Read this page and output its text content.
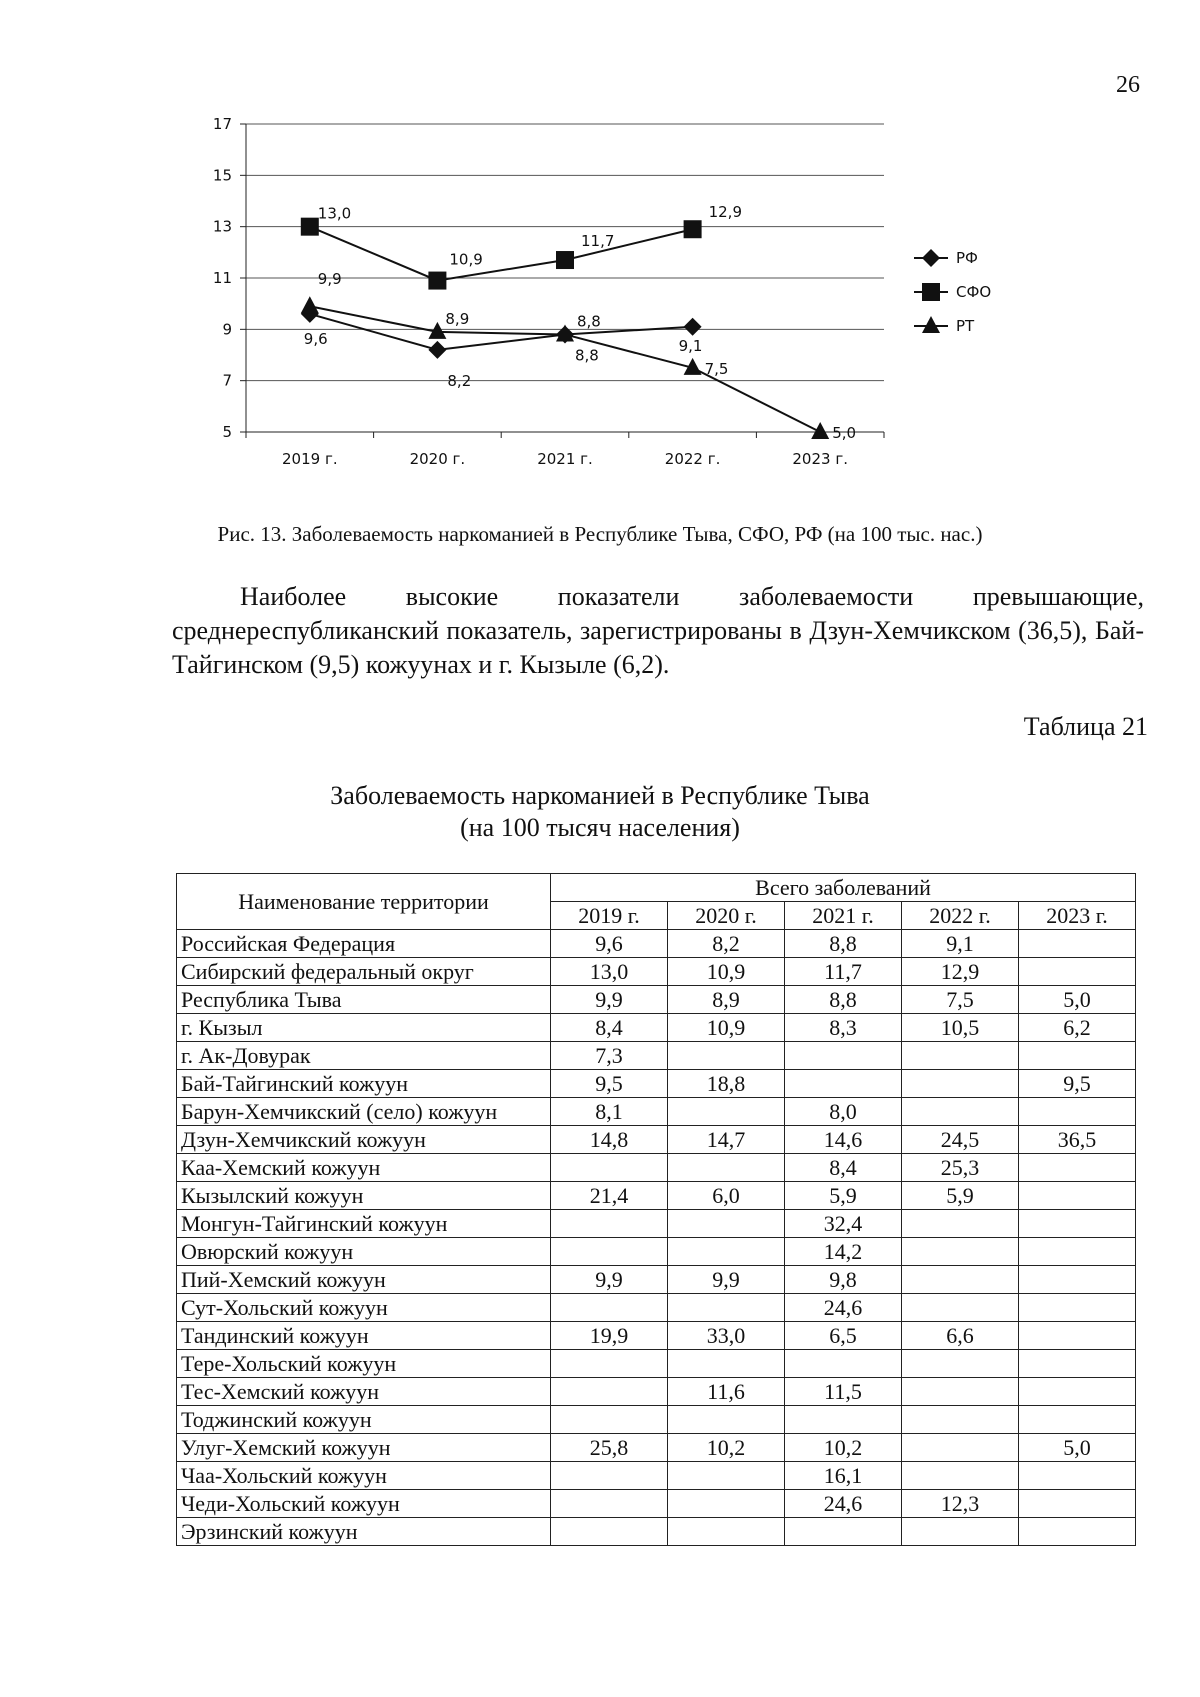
26
5
7
9
11
13
15
17
2019 г.	2020 г.	2021 г.	2022 г.	2023 г.
9,6
8,2
8,8
9,1
13,0
10,9
11,7
12,9
9,9
8,9	8,8
7,5
5,0
РФ
СФО
РТ
Рис. 13. Заболеваемость наркоманией в Республике Тыва, СФО, РФ (на 100 тыс. нас.)

Наиболее высокие показатели заболеваемости превышающие, среднереспубликанский показатель, зарегистрированы в Дзун-Хемчикском (36,5), Бай-Тайгинском (9,5) кожуунах и г. Кызыле (6,2).

Таблица 21
Заболеваемость наркоманией в Республике Тыва
(на 100 тысяч населения)
Наименование территории	Всего заболеваний				
	2019 г.	2020 г.	2021 г.	2022 г.	2023 г.
Российская Федерация	9,6	8,2	8,8	9,1	
Сибирский федеральный округ	13,0	10,9	11,7	12,9	
Республика Тыва	9,9	8,9	8,8	7,5	5,0
г. Кызыл	8,4	10,9	8,3	10,5	6,2
г. Ак-Довурак	7,3				
Бай-Тайгинский кожуун	9,5	18,8			9,5
Барун-Хемчикский (село) кожуун	8,1		8,0		
Дзун-Хемчикский кожуун	14,8	14,7	14,6	24,5	36,5
Каа-Хемский кожуун			8,4	25,3	
Кызылский кожуун	21,4	6,0	5,9	5,9	
Монгун-Тайгинский кожуун			32,4		
Овюрский кожуун			14,2		
Пий-Хемский кожуун	9,9	9,9	9,8		
Сут-Хольский кожуун			24,6		
Тандинский кожуун	19,9	33,0	6,5	6,6	
Тере-Хольский кожуун					
Тес-Хемский кожуун		11,6	11,5		
Тоджинский кожуун					
Улуг-Хемский кожуун	25,8	10,2	10,2		5,0
Чаа-Хольский кожуун			16,1		
Чеди-Хольский кожуун			24,6	12,3	
Эрзинский кожуун					
